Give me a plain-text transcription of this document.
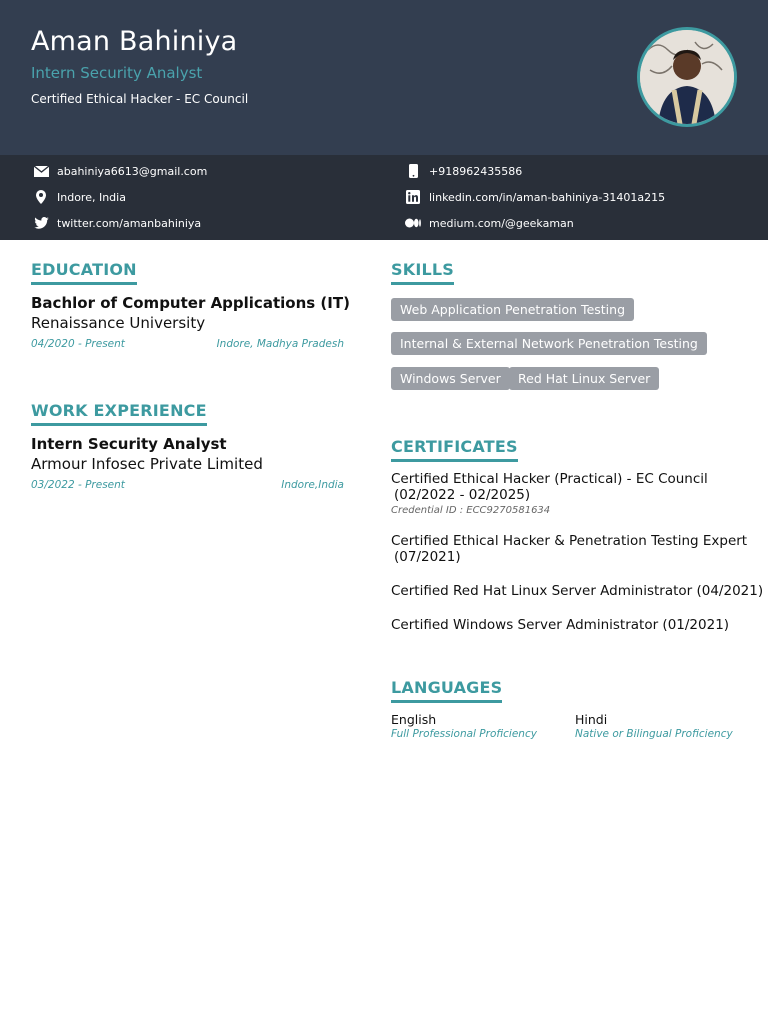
Aman Bahiniya
Intern Security Analyst
Certified Ethical Hacker - EC Council
abahiniya6613@gmail.com
Indore, India
twitter.com/amanbahiniya
+918962435586
linkedin.com/in/aman-bahiniya-31401a215
medium.com/@geekaman
EDUCATION
Bachlor of Computer Applications (IT)
Renaissance University
04/2020 - Present	Indore, Madhya Pradesh
WORK EXPERIENCE
Intern Security Analyst
Armour Infosec Private Limited
03/2022 - Present	Indore,India
SKILLS
Web Application Penetration Testing
Internal & External Network Penetration Testing
Windows Server	Red Hat Linux Server
CERTIFICATES
Certified Ethical Hacker (Practical) - EC Council
(02/2022 - 02/2025)
Credential ID : ECC9270581634
Certified Ethical Hacker & Penetration Testing Expert
(07/2021)
Certified Red Hat Linux Server Administrator (04/2021)
Certified Windows Server Administrator (01/2021)
LANGUAGES
English
Full Professional Proficiency
Hindi
Native or Bilingual Proficiency
